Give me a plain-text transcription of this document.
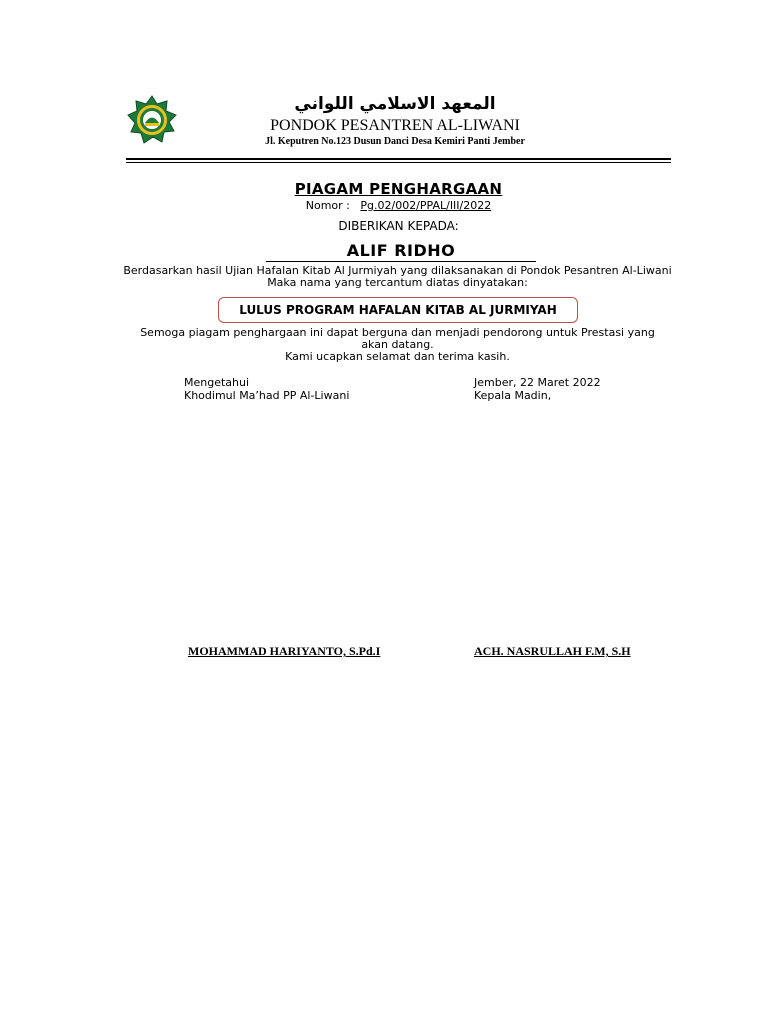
المعهد الاسلامي اللواني
PONDOK PESANTREN AL-LIWANI
Jl. Keputren No.123 Dusun Danci Desa Kemiri Panti Jember
PIAGAM PENGHARGAAN
Nomor : Pg.02/002/PPAL/III/2022
DIBERIKAN KEPADA:
ALIF RIDHO
Berdasarkan hasil Ujian Hafalan Kitab Al Jurmiyah yang dilaksanakan di Pondok Pesantren Al-Liwani
Maka nama yang tercantum diatas dinyatakan:
LULUS PROGRAM HAFALAN KITAB AL JURMIYAH
Semoga piagam penghargaan ini dapat berguna dan menjadi pendorong untuk Prestasi yang akan datang.
Kami ucapkan selamat dan terima kasih.
Mengetahui
Khodimul Ma’had PP Al-Liwani
Jember, 22 Maret 2022
Kepala Madin,
MOHAMMAD HARIYANTO, S.Pd.I	ACH. NASRULLAH F.M, S.H
